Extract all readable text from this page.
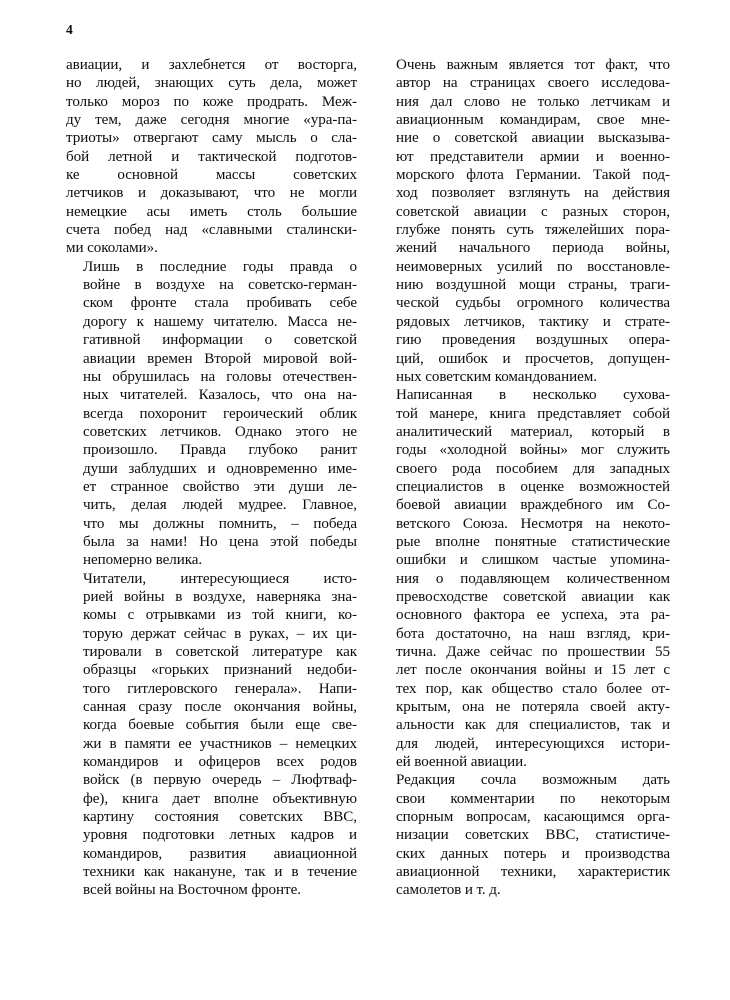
4

авиации, и захлебнется от восторга,
но людей, знающих суть дела, может
только мороз по коже продрать. Меж-
ду тем, даже сегодня многие «ура-па-
триоты» отвергают саму мысль о сла-
бой летной и тактической подготов-
ке основной массы советских
летчиков и доказывают, что не могли
немецкие асы иметь столь большие
счета побед над «славными сталински-
ми соколами».

Лишь в последние годы правда о
войне в воздухе на советско-герман-
ском фронте стала пробивать себе
дорогу к нашему читателю. Масса не-
гативной информации о советской
авиации времен Второй мировой вой-
ны обрушилась на головы отечествен-
ных читателей. Казалось, что она на-
всегда похоронит героический облик
советских летчиков. Однако этого не
произошло. Правда глубоко ранит
души заблудших и одновременно име-
ет странное свойство эти души ле-
чить, делая людей мудрее. Главное,
что мы должны помнить, – победа
была за нами! Но цена этой победы
непомерно велика.

Читатели, интересующиеся исто-
рией войны в воздухе, наверняка зна-
комы с отрывками из той книги, ко-
торую держат сейчас в руках, – их ци-
тировали в советской литературе как
образцы «горьких признаний недоби-
того гитлеровского генерала». Напи-
санная сразу после окончания войны,
когда боевые события были еще све-
жи в памяти ее участников – немецких
командиров и офицеров всех родов
войск (в первую очередь – Люфтваф-
фе), книга дает вполне объективную
картину состояния советских ВВС,
уровня подготовки летных кадров и
командиров, развития авиационной
техники как накануне, так и в течение
всей войны на Восточном фронте.

Очень важным является тот факт, что
автор на страницах своего исследова-
ния дал слово не только летчикам и
авиационным командирам, свое мне-
ние о советской авиации высказыва-
ют представители армии и военно-
морского флота Германии. Такой под-
ход позволяет взглянуть на действия
советской авиации с разных сторон,
глубже понять суть тяжелейших пора-
жений начального периода войны,
неимоверных усилий по восстановле-
нию воздушной мощи страны, траги-
ческой судьбы огромного количества
рядовых летчиков, тактику и страте-
гию проведения воздушных опера-
ций, ошибок и просчетов, допущен-
ных советским командованием.

Написанная в несколько сухова-
той манере, книга представляет собой
аналитический материал, который в
годы «холодной войны» мог служить
своего рода пособием для западных
специалистов в оценке возможностей
боевой авиации враждебного им Со-
ветского Союза. Несмотря на некото-
рые вполне понятные статистические
ошибки и слишком частые упомина-
ния о подавляющем количественном
превосходстве советской авиации как
основного фактора ее успеха, эта ра-
бота достаточно, на наш взгляд, кри-
тична. Даже сейчас по прошествии 55
лет после окончания войны и 15 лет с
тех пор, как общество стало более от-
крытым, она не потеряла своей акту-
альности как для специалистов, так и
для людей, интересующихся истори-
ей военной авиации.

Редакция сочла возможным дать
свои комментарии по некоторым
спорным вопросам, касающимся орга-
низации советских ВВС, статистиче-
ских данных потерь и производства
авиационной техники, характеристик
самолетов и т. д.
